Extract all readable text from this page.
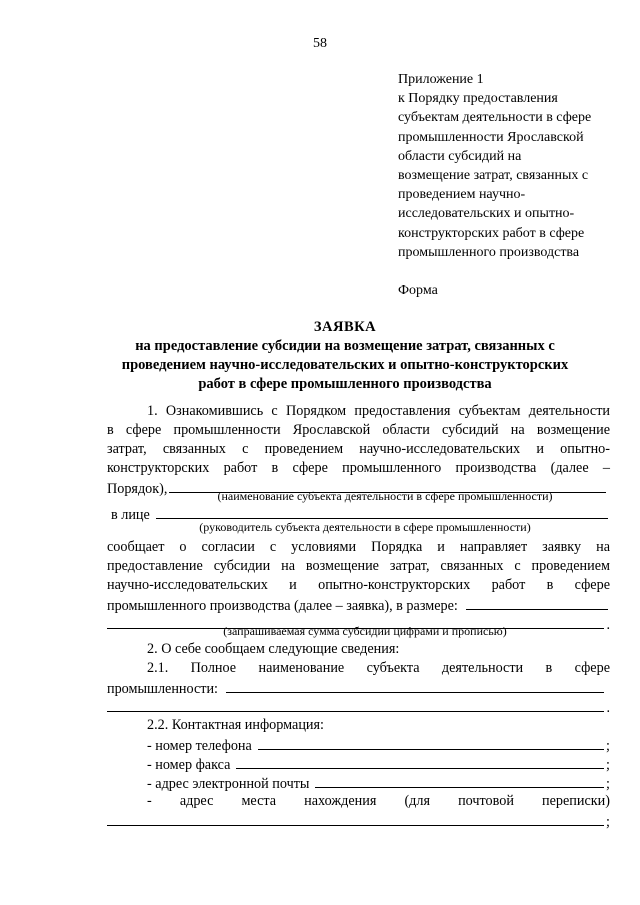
58
Приложение 1
к Порядку предоставления
субъектам деятельности в сфере
промышленности Ярославской
области субсидий на
возмещение затрат, связанных с
проведением научно-
исследовательских и опытно-
конструкторских работ в сфере
промышленного производства
Форма
ЗАЯВКА
на предоставление субсидии на возмещение затрат, связанных с
проведением научно-исследовательских и опытно-конструкторских
работ в сфере промышленного производства
1. Ознакомившись с Порядком предоставления субъектам деятельности
в сфере промышленности Ярославской области субсидий на возмещение
затрат, связанных с проведением научно-исследовательских и опытно-
конструкторских работ в сфере промышленного производства (далее –
Порядок),	(наименование субъекта деятельности в сфере промышленности)
в лице
(руководитель субъекта деятельности в сфере промышленности)
сообщает о согласии с условиями Порядка и направляет заявку на
предоставление субсидии на возмещение затрат, связанных с проведением
научно-исследовательских и опытно-конструкторских работ в сфере
промышленного производства (далее – заявка), в размере:
.
(запрашиваемая сумма субсидии цифрами и прописью)
2. О себе сообщаем следующие сведения:
2.1. Полное наименование субъекта деятельности в сфере
промышленности:
.
2.2. Контактная информация:
- номер телефона	;
- номер факса	;
- адрес электронной почты	;
- адрес места нахождения (для почтовой переписки)
;
